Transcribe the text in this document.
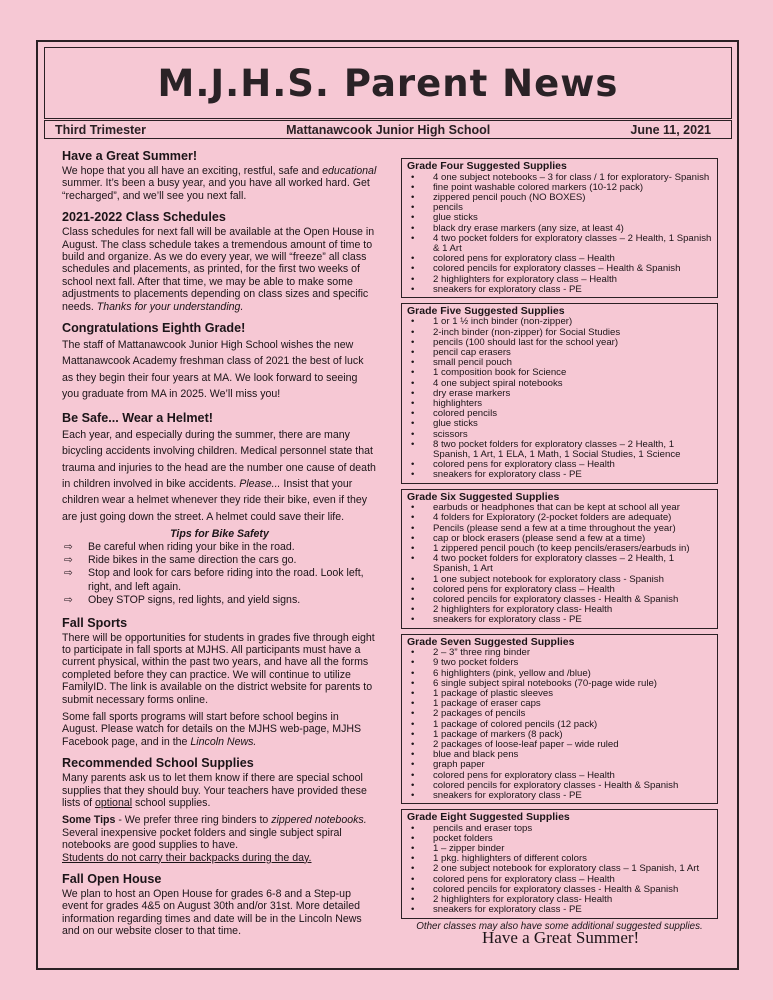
M.J.H.S. Parent News
Third Trimester	Mattanawcook Junior High School	June 11, 2021
Have a Great Summer!

We hope that you all have an exciting, restful, safe and educational summer. It’s been a busy year, and you have all worked hard. Get “recharged”, and we’ll see you next fall.

2021-2022 Class Schedules

Class schedules for next fall will be available at the Open House in August. The class schedule takes a tremendous amount of time to build and organize. As we do every year, we will “freeze” all class schedules and placements, as printed, for the first two weeks of school next fall. After that time, we may be able to make some adjustments to placements depending on class sizes and specific needs. Thanks for your understanding.

Congratulations Eighth Grade!

The staff of Mattanawcook Junior High School wishes the new Mattanawcook Academy freshman class of 2021 the best of luck as they begin their four years at MA. We look forward to seeing you graduate from MA in 2025. We’ll miss you!

Be Safe... Wear a Helmet!

Each year, and especially during the summer, there are many bicycling accidents involving children. Medical personnel state that trauma and injuries to the head are the number one cause of death in children involved in bike accidents. Please... Insist that your children wear a helmet whenever they ride their bike, even if they are just going down the street. A helmet could save their life.

Tips for Bike Safety

⇨ Be careful when riding your bike in the road.
⇨ Ride bikes in the same direction the cars go.
⇨ Stop and look for cars before riding into the road. Look left, right, and left again.
⇨ Obey STOP signs, red lights, and yield signs.
Fall Sports

There will be opportunities for students in grades five through eight to participate in fall sports at MJHS. All participants must have a current physical, within the past two years, and have all the forms completed before they can practice. We will continue to utilize FamilyID. The link is available on the district website for parents to submit necessary forms online.

Some fall sports programs will start before school begins in August. Please watch for details on the MJHS web-page, MJHS Facebook page, and in the Lincoln News.

Recommended School Supplies

Many parents ask us to let them know if there are special school supplies that they should buy. Your teachers have provided these lists of optional school supplies.

Some Tips - We prefer three ring binders to zippered notebooks. Several inexpensive pocket folders and single subject spiral notebooks are good supplies to have.

Students do not carry their backpacks during the day.

Fall Open House

We plan to host an Open House for grades 6-8 and a Step-up event for grades 4&5 on August 30th and/or 31st. More detailed information regarding times and date will be in the Lincoln News and on our website closer to that time.

Grade Four Suggested Supplies
• 4 one subject notebooks – 3 for class / 1 for exploratory- Spanish
• fine point washable colored markers (10-12 pack)
• zippered pencil pouch (NO BOXES)
• pencils
• glue sticks
• black dry erase markers (any size, at least 4)
• 4 two pocket folders for exploratory classes – 2 Health, 1 Spanish & 1 Art
• colored pens for exploratory class – Health
• colored pencils for exploratory classes – Health & Spanish
• 2 highlighters for exploratory class – Health
• sneakers for exploratory class - PE
Grade Five Suggested Supplies
• 1 or 1 ½ inch binder (non-zipper)
• 2-inch binder (non-zipper) for Social Studies
• pencils (100 should last for the school year)
• pencil cap erasers
• small pencil pouch
• 1 composition book for Science
• 4 one subject spiral notebooks
• dry erase markers
• highlighters
• colored pencils
• glue sticks
• scissors
• 8 two pocket folders for exploratory classes – 2 Health, 1 Spanish, 1 Art, 1 ELA, 1 Math, 1 Social Studies, 1 Science
• colored pens for exploratory class – Health
• sneakers for exploratory class - PE
Grade Six Suggested Supplies
• earbuds or headphones that can be kept at school all year
• 4 folders for Exploratory (2-pocket folders are adequate)
• Pencils (please send a few at a time throughout the year)
• cap or block erasers (please send a few at a time)
• 1 zippered pencil pouch (to keep pencils/erasers/earbuds in)
• 4 two pocket folders for exploratory classes – 2 Health, 1 Spanish, 1 Art
• 1 one subject notebook for exploratory class - Spanish
• colored pens for exploratory class – Health
• colored pencils for exploratory classes - Health & Spanish
• 2 highlighters for exploratory class- Health
• sneakers for exploratory class - PE
Grade Seven Suggested Supplies
• 2 – 3” three ring binder
• 9 two pocket folders
• 6 highlighters (pink, yellow and /blue)
• 6 single subject spiral notebooks (70-page wide rule)
• 1 package of plastic sleeves
• 1 package of eraser caps
• 2 packages of pencils
• 1 package of colored pencils (12 pack)
• 1 package of markers (8 pack)
• 2 packages of loose-leaf paper – wide ruled
• blue and black pens
• graph paper
• colored pens for exploratory class – Health
• colored pencils for exploratory classes - Health & Spanish
• sneakers for exploratory class - PE
Grade Eight Suggested Supplies
• pencils and eraser tops
• pocket folders
• 1 – zipper binder
• 1 pkg. highlighters of different colors
• 2 one subject notebook for exploratory class – 1 Spanish, 1 Art
• colored pens for exploratory class – Health
• colored pencils for exploratory classes - Health & Spanish
• 2 highlighters for exploratory class- Health
• sneakers for exploratory class - PE

Other classes may also have some additional suggested supplies.

Have a Great Summer!
